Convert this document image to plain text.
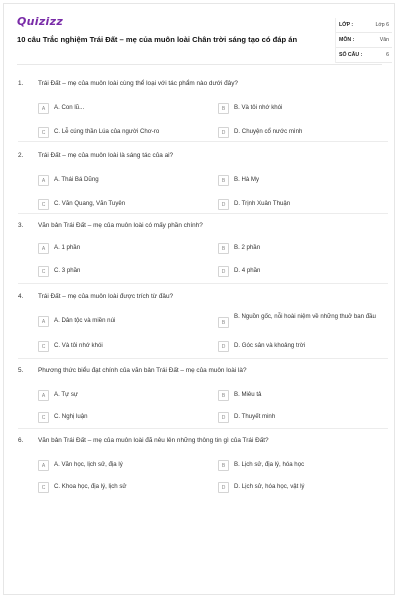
Quizizz
10 câu Trắc nghiệm Trái Đất – mẹ của muôn loài Chân trời sáng tạo có đáp án
LỚP :	Lớp 6
MÔN :	Văn
SỐ CÂU :	6
1.	Trái Đất – mẹ của muôn loài cùng thể loại với tác phẩm nào dưới đây?
A	A. Con lũ...	B	B. Và tôi nhớ khói
C	C. Lễ cúng thần Lúa của người Chơ-ro	D	D. Chuyện cổ nước mình
2.	Trái Đất – mẹ của muôn loài là sáng tác của ai?
A	A. Thái Bá Dũng	B	B. Hà My
C	C. Văn Quang, Văn Tuyên	D	D. Trịnh Xuân Thuận
3.	Văn bản Trái Đất – mẹ của muôn loài có mấy phần chính?
A	A. 1 phần	B	B. 2 phần
C	C. 3 phần	D	D. 4 phần
4.	Trái Đất – mẹ của muôn loài được trích từ đâu?
A	A. Dân tộc và miền núi	B
B. Nguồn gốc, nỗi hoài niệm về những thuở ban đầu
C	C. Và tôi nhớ khói	D	D. Góc sân và khoảng trời
5.	Phương thức biểu đạt chính của văn bản Trái Đất – mẹ của muôn loài là?
A	A. Tự sự	B	B. Miêu tả
C	C. Nghị luận	D	D. Thuyết minh
6.	Văn bản Trái Đất – mẹ của muôn loài đã nêu lên những thông tin gì của Trái Đất?
A	A. Văn học, lịch sử, địa lý	B	B. Lịch sử, địa lý, hóa học
C	C. Khoa học, địa lý, lịch sử	D	D. Lịch sử, hóa học, vật lý
